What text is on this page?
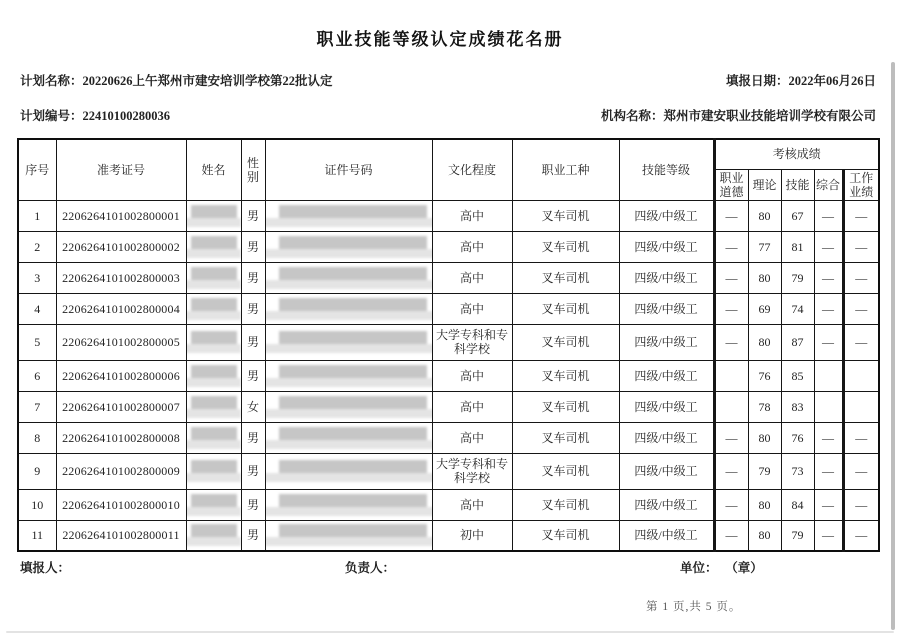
职业技能等级认定成绩花名册
计划名称：20220626上午郑州市建安培训学校第22批认定	填报日期：2022年06月26日
计划编号：22410100280036	机构名称：郑州市建安职业技能培训学校有限公司
序号	准考证号	姓名	性别	证件号码	文化程度	职业工种	技能等级	考核成绩				
								职业道德	理论	技能	综合	工作业绩
1	2206264101002800001		男		高中	叉车司机	四级/中级工	—	80	67	—	—
2	2206264101002800002		男		高中	叉车司机	四级/中级工	—	77	81	—	—
3	2206264101002800003		男		高中	叉车司机	四级/中级工	—	80	79	—	—
4	2206264101002800004		男		高中	叉车司机	四级/中级工	—	69	74	—	—
5	2206264101002800005		男		大学专科和专科学校	叉车司机	四级/中级工	—	80	87	—	—
6	2206264101002800006		男		高中	叉车司机	四级/中级工		76	85		
7	2206264101002800007		女		高中	叉车司机	四级/中级工		78	83		
8	2206264101002800008		男		高中	叉车司机	四级/中级工	—	80	76	—	—
9	2206264101002800009		男		大学专科和专科学校	叉车司机	四级/中级工	—	79	73	—	—
10	2206264101002800010		男		高中	叉车司机	四级/中级工	—	80	84	—	—
11	2206264101002800011		男		初中	叉车司机	四级/中级工	—	80	79	—	—
填报人：	负责人：	单位： （章）
第 1 页,共 5 页。
